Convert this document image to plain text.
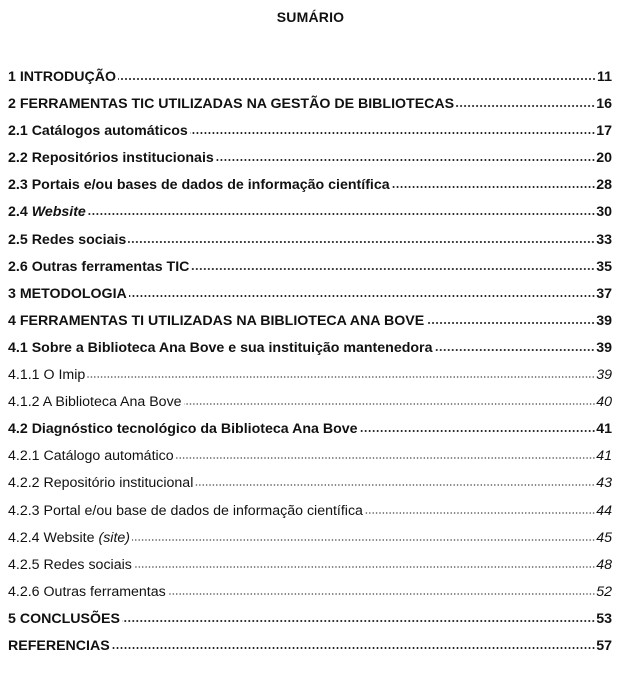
SUMÁRIO
1 INTRODUÇÃO	11
2 FERRAMENTAS TIC UTILIZADAS NA GESTÃO DE BIBLIOTECAS	16
2.1 Catálogos automáticos	17
2.2 Repositórios institucionais	20
2.3 Portais e/ou bases de dados de informação científica	28
2.4 Website	30
2.5 Redes sociais	33
2.6 Outras ferramentas TIC	35
3 METODOLOGIA	37
4 FERRAMENTAS TI UTILIZADAS NA BIBLIOTECA ANA BOVE	39
4.1 Sobre a Biblioteca Ana Bove e sua instituição mantenedora	39
4.1.1 O Imip	39
4.1.2 A Biblioteca Ana Bove	40
4.2 Diagnóstico tecnológico da Biblioteca Ana Bove	41
4.2.1 Catálogo automático	41
4.2.2 Repositório institucional	43
4.2.3 Portal e/ou base de dados de informação científica	44
4.2.4 Website (site)	45
4.2.5 Redes sociais	48
4.2.6 Outras ferramentas	52
5 CONCLUSÕES	53
REFERENCIAS	57
